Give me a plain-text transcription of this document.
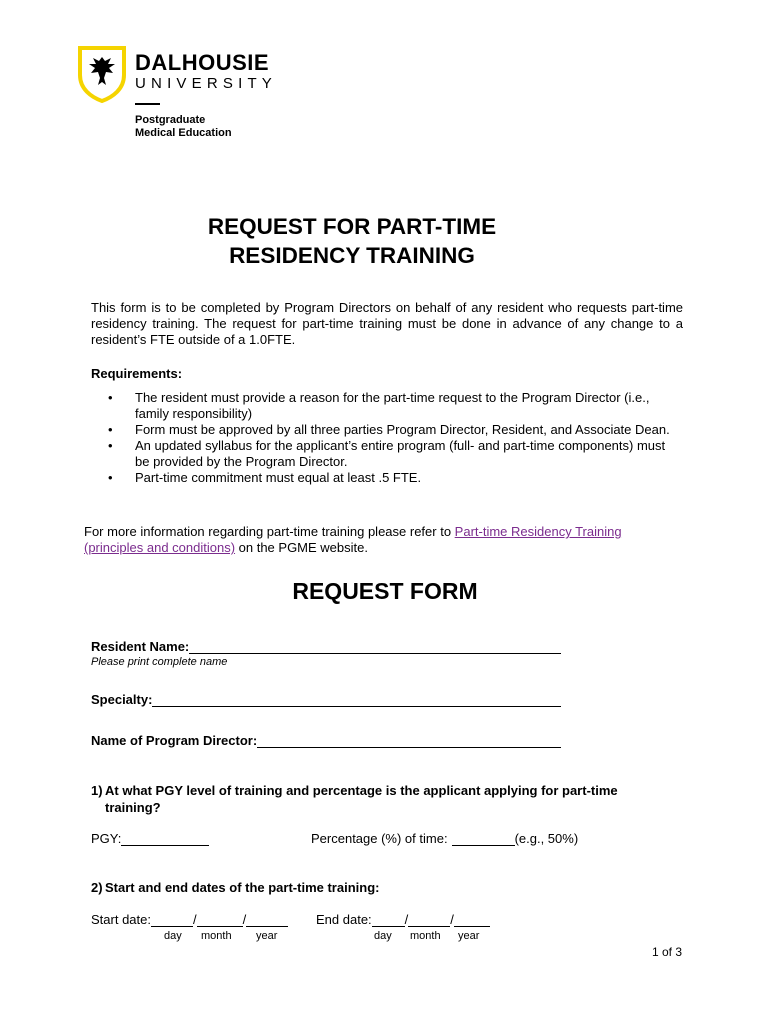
DALHOUSIE
UNIVERSITY
Postgraduate
Medical Education
REQUEST FOR PART-TIME
RESIDENCY TRAINING
This form is to be completed by Program Directors on behalf of any resident who requests part-time residency training. The request for part-time training must be done in advance of any change to a resident’s FTE outside of a 1.0FTE.
Requirements:
• The resident must provide a reason for the part-time request to the Program Director (i.e., family responsibility)
• Form must be approved by all three parties Program Director, Resident, and Associate Dean.
• An updated syllabus for the applicant’s entire program (full- and part-time components) must be provided by the Program Director.
• Part-time commitment must equal at least .5 FTE.
For more information regarding part-time training please refer to Part-time Residency Training (principles and conditions) on the PGME website.
REQUEST FORM
Resident Name:
Please print complete name
Specialty:
Name of Program Director:
1) At what PGY level of training and percentage is the applicant applying for part-time training?
PGY:	Percentage (%) of time:	(e.g., 50%)
2) Start and end dates of the part-time training:
Start date:	/	/
day month year
End date:	/	/
day month year
1 of 3
